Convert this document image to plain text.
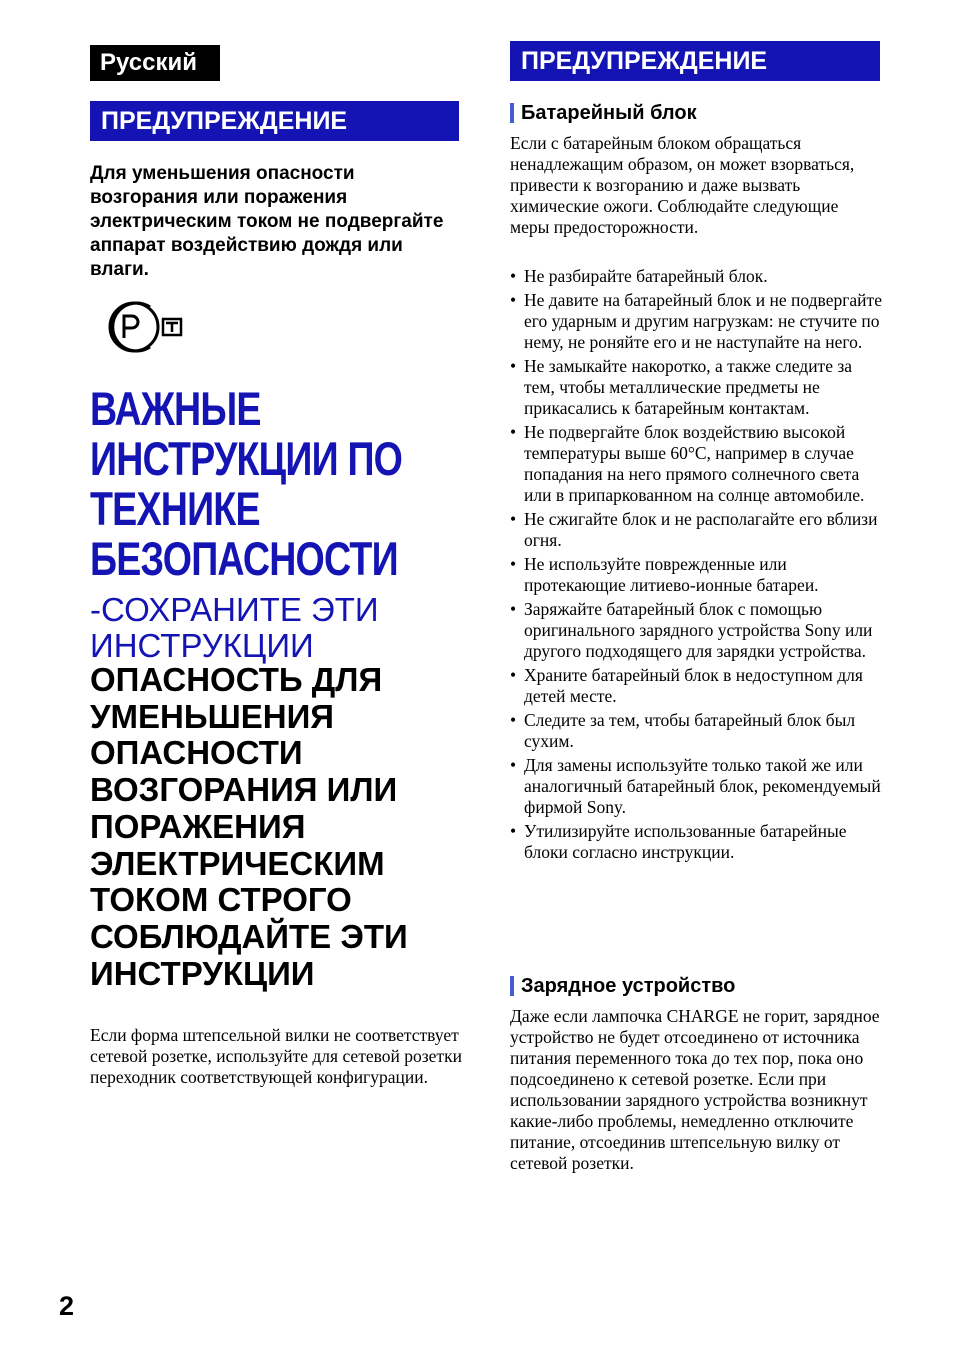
Русский
ПРЕДУПРЕЖДЕНИЕ
Для уменьшения опасности возгорания или поражения электрическим током не подвергайте аппарат воздействию дождя или влаги.
ВАЖНЫЕ
ИНСТРУКЦИИ ПО
ТЕХНИКЕ
БЕЗОПАСНОСТИ
-СОХРАНИТЕ ЭТИ ИНСТРУКЦИИ

ОПАСНОСТЬ ДЛЯ УМЕНЬШЕНИЯ ОПАСНОСТИ ВОЗГОРАНИЯ ИЛИ ПОРАЖЕНИЯ ЭЛЕКТРИЧЕСКИМ ТОКОМ СТРОГО СОБЛЮДАЙТЕ ЭТИ ИНСТРУКЦИИ

Если форма штепсельной вилки не соответствует сетевой розетке, используйте для сетевой розетки переходник соответствующей конфигурации.
ПРЕДУПРЕЖДЕНИЕ
Батарейный блок
Если с батарейным блоком обращаться ненадлежащим образом, он может взорваться, привести к возгоранию и даже вызвать химические ожоги. Соблюдайте следующие меры предосторожности.
• Не разбирайте батарейный блок.
• Не давите на батарейный блок и не подвергайте его ударным и другим нагрузкам: не стучите по нему, не роняйте его и не наступайте на него.
• Не замыкайте накоротко, а также следите за тем, чтобы металлические предметы не прикасались к батарейным контактам.
• Не подвергайте блок воздействию высокой температуры выше 60°C, например в случае попадания на него прямого солнечного света или в припаркованном на солнце автомобиле.
• Не сжигайте блок и не располагайте его вблизи огня.
• Не используйте поврежденные или протекающие литиево-ионные батареи.
• Заряжайте батарейный блок с помощью оригинального зарядного устройства Sony или другого подходящего для зарядки устройства.
• Храните батарейный блок в недоступном для детей месте.
• Следите за тем, чтобы батарейный блок был сухим.
• Для замены используйте только такой же или аналогичный батарейный блок, рекомендуемый фирмой Sony.
• Утилизируйте использованные батарейные блоки согласно инструкции.
Зарядное устройство
Даже если лампочка CHARGE не горит, зарядное устройство не будет отсоединено от источника питания переменного тока до тех пор, пока оно подсоединено к сетевой розетке. Если при использовании зарядного устройства возникнут какие-либо проблемы, немедленно отключите питание, отсоединив штепсельную вилку от сетевой розетки.
2
